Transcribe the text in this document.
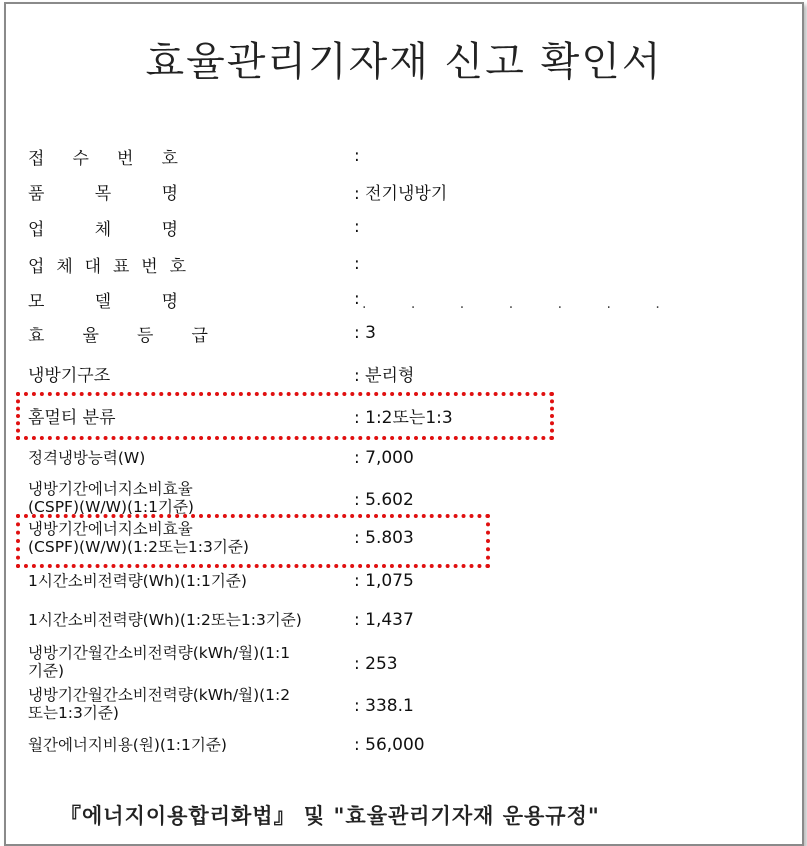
효율관리기자재 신고 확인서
접 수 번 호	:
품	목	명	: 전기냉방기
업	체	명	:
업 체 대 표 번 호	:
모	델	명	: . . . . . . .
효 율 등 급	: 3
냉방기구조	: 분리형
홈멀티 분류	: 1:2또는1:3
정격냉방능력(W)	: 7,000
냉방기간에너지소비효율
(CSPF)(W/W)(1:1기준)	: 5.602
냉방기간에너지소비효율
(CSPF)(W/W)(1:2또는1:3기준)	: 5.803
1시간소비전력량(Wh)(1:1기준)	: 1,075
1시간소비전력량(Wh)(1:2또는1:3기준)	: 1,437
냉방기간월간소비전력량(kWh/월)(1:1
기준)	: 253
냉방기간월간소비전력량(kWh/월)(1:2
또는1:3기준)	: 338.1
월간에너지비용(원)(1:1기준)	: 56,000
『에너지이용합리화법』 및 "효율관리기자재 운용규정"
